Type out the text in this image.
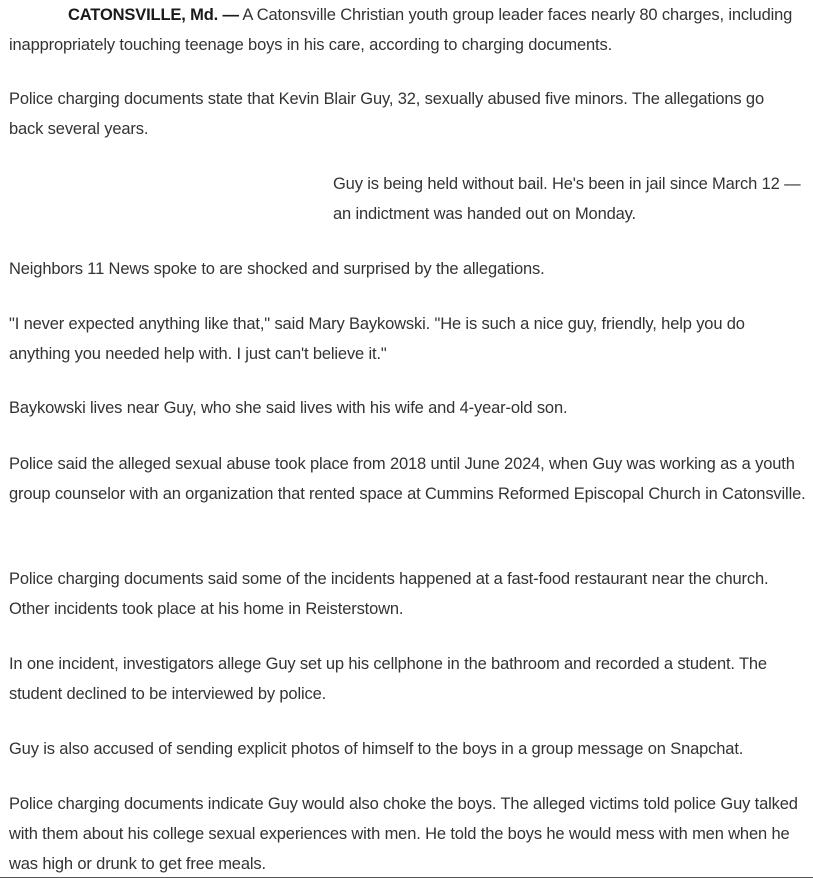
CATONSVILLE, Md. — A Catonsville Christian youth group leader faces nearly 80 charges, including inappropriately touching teenage boys in his care, according to charging documents.

Police charging documents state that Kevin Blair Guy, 32, sexually abused five minors. The allegations go back several years.

Guy is being held without bail. He's been in jail since March 12 — an indictment was handed out on Monday.

Neighbors 11 News spoke to are shocked and surprised by the allegations.

"I never expected anything like that," said Mary Baykowski. "He is such a nice guy, friendly, help you do anything you needed help with. I just can't believe it."

Baykowski lives near Guy, who she said lives with his wife and 4-year-old son.

Police said the alleged sexual abuse took place from 2018 until June 2024, when Guy was working as a youth group counselor with an organization that rented space at Cummins Reformed Episcopal Church in Catonsville.

Police charging documents said some of the incidents happened at a fast-food restaurant near the church. Other incidents took place at his home in Reisterstown.

In one incident, investigators allege Guy set up his cellphone in the bathroom and recorded a student. The student declined to be interviewed by police.

Guy is also accused of sending explicit photos of himself to the boys in a group message on Snapchat.

Police charging documents indicate Guy would also choke the boys. The alleged victims told police Guy talked with them about his college sexual experiences with men. He told the boys he would mess with men when he was high or drunk to get free meals.
